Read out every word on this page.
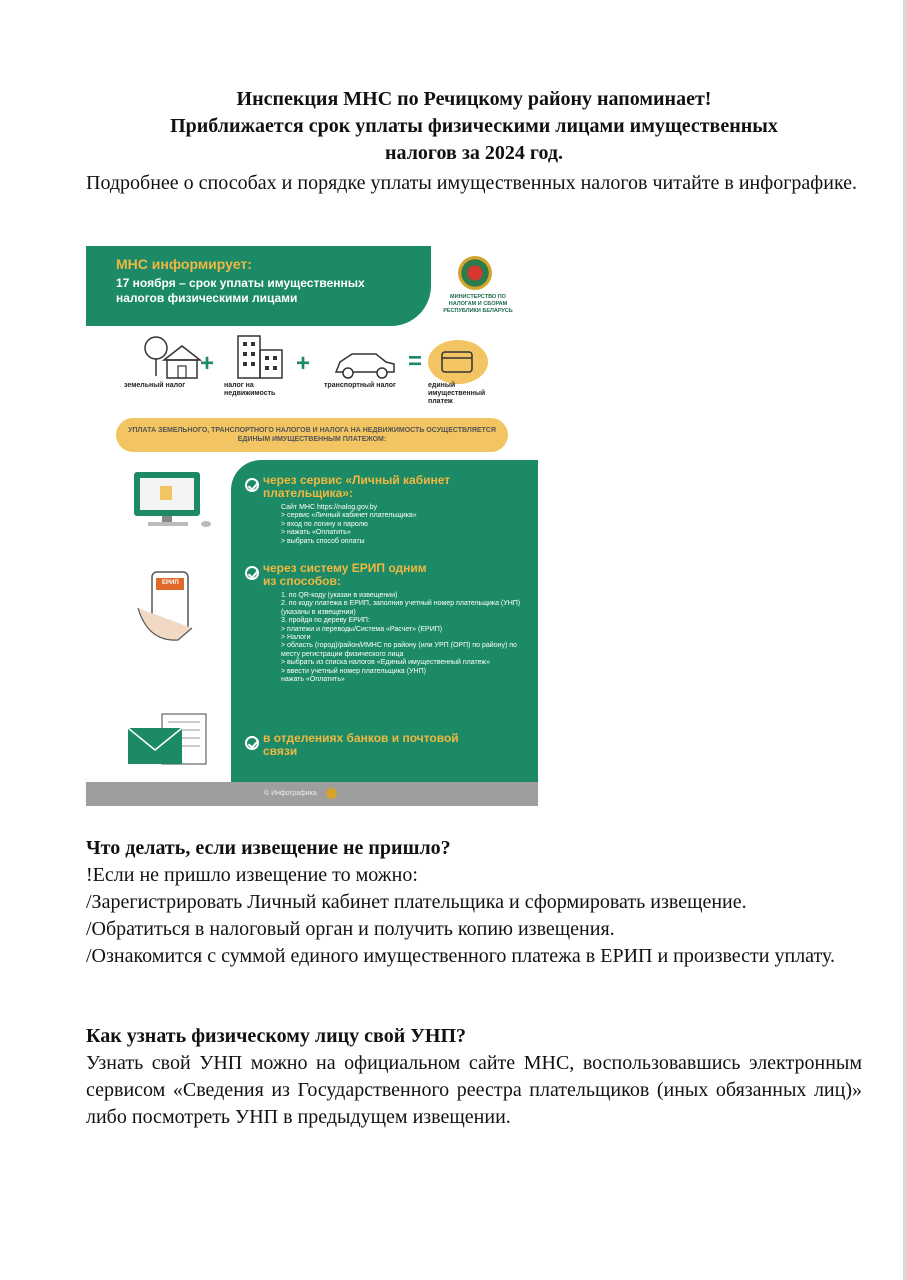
Инспекция МНС по Речицкому району напоминает!
Приближается срок уплаты физическими лицами имущественных
налогов за 2024 год.
Подробнее о способах и порядке уплаты имущественных налогов читайте в инфографике.
МНС информирует:
17 ноября – срок уплаты имущественных налогов физическими лицами	МИНИСТЕРСТВО ПО НАЛОГАМ И СБОРАМ РЕСПУБЛИКИ БЕЛАРУСЬ
+	+	=
земельный налог	налог на недвижимость
транспортный налог	единый имущественный платеж
УПЛАТА ЗЕМЕЛЬНОГО, ТРАНСПОРТНОГО НАЛОГОВ И НАЛОГА НА НЕДВИЖИМОСТЬ ОСУЩЕСТВЛЯЕТСЯ ЕДИНЫМ ИМУЩЕСТВЕННЫМ ПЛАТЕЖОМ:
ЕРИП
через сервис «Личный кабинет плательщика»:
Сайт МНС https://nalog.gov.by
> сервис «Личный кабинет плательщика»
> вход по логину и паролю
> нажать «Оплатить»
> выбрать способ оплаты
через систему ЕРИП одним из способов:
1. по QR-коду (указан в извещении)
2. по коду платежа в ЕРИП, заполнив учетный номер плательщика (УНП) (указаны в извещении)
3. пройдя по дереву ЕРИП:
> платежи и переводы/Система «Расчет» (ЕРИП)
> Налоги
> область (город)/район/ИМНС по району (или УРП (ОРП) по району) по месту регистрации физического лица
> выбрать из списка налогов «Единый имущественный платеж»
> ввести учетный номер плательщика (УНП)
нажать «Оплатить»
в отделениях банков и почтовой связи
© Инфографика
Что делать, если извещение не пришло?
!Если не пришло извещение то можно:
/Зарегистрировать Личный кабинет плательщика и сформировать извещение.
/Обратиться в налоговый орган и получить копию извещения.
/Ознакомится с суммой единого имущественного платежа в ЕРИП и произвести уплату.
Как узнать физическому лицу свой УНП?
Узнать свой УНП можно на официальном сайте МНС, воспользовавшись электронным сервисом «Сведения из Государственного реестра плательщиков (иных обязанных лиц)» либо посмотреть УНП в предыдущем извещении.
